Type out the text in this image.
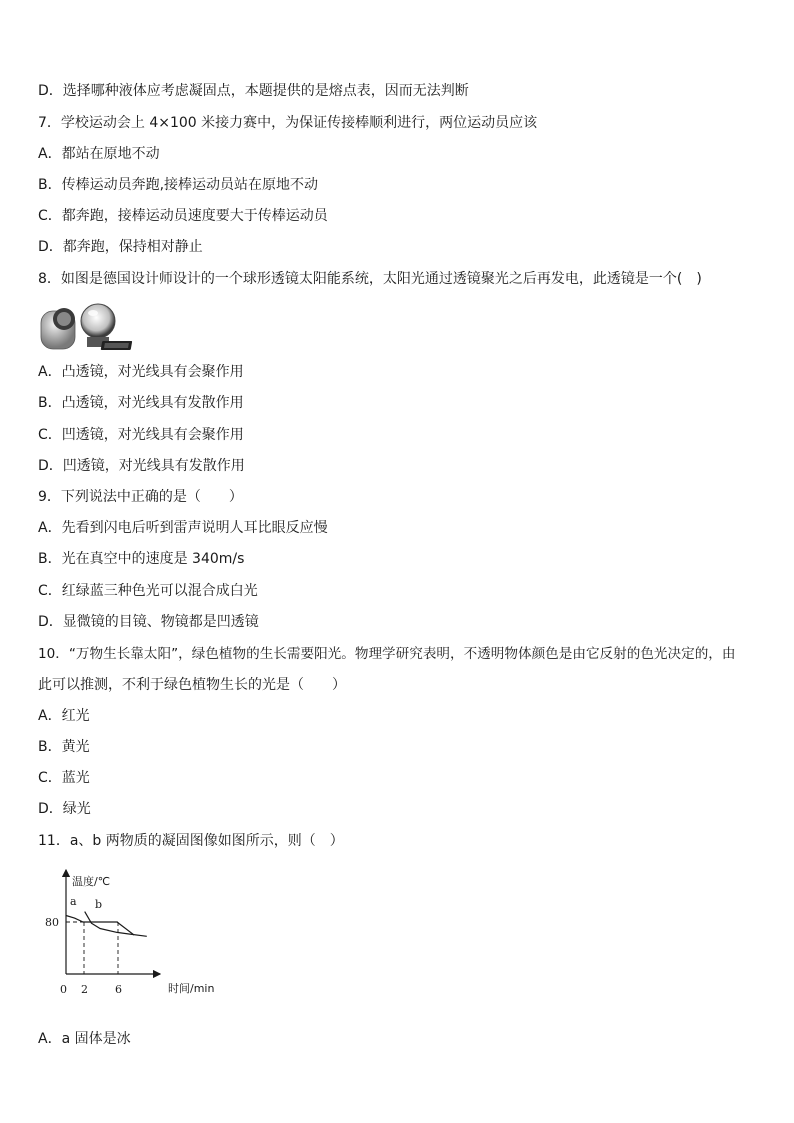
D．选择哪种液体应考虑凝固点，本题提供的是熔点表，因而无法判断
7．学校运动会上 4×100 米接力赛中，为保证传接棒顺利进行，两位运动员应该
A．都站在原地不动
B．传棒运动员奔跑,接棒运动员站在原地不动
C．都奔跑，接棒运动员速度要大于传棒运动员
D．都奔跑，保持相对静止
8．如图是德国设计师设计的一个球形透镜太阳能系统，太阳光通过透镜聚光之后再发电，此透镜是一个(　)
A．凸透镜，对光线具有会聚作用
B．凸透镜，对光线具有发散作用
C．凹透镜，对光线具有会聚作用
D．凹透镜，对光线具有发散作用
9．下列说法中正确的是（　　）
A．先看到闪电后听到雷声说明人耳比眼反应慢
B．光在真空中的速度是 340m/s
C．红绿蓝三种色光可以混合成白光
D．显微镜的目镜、物镜都是凹透镜
10．“万物生长靠太阳”，绿色植物的生长需要阳光。物理学研究表明，不透明物体颜色是由它反射的色光决定的，由
此可以推测，不利于绿色植物生长的光是（　　）
A．红光
B．黄光
C．蓝光
D．绿光
11．a、b 两物质的凝固图像如图所示，则（　）
温度/℃
时间/min
80
0 2 6
a b
A．a 固体是冰
